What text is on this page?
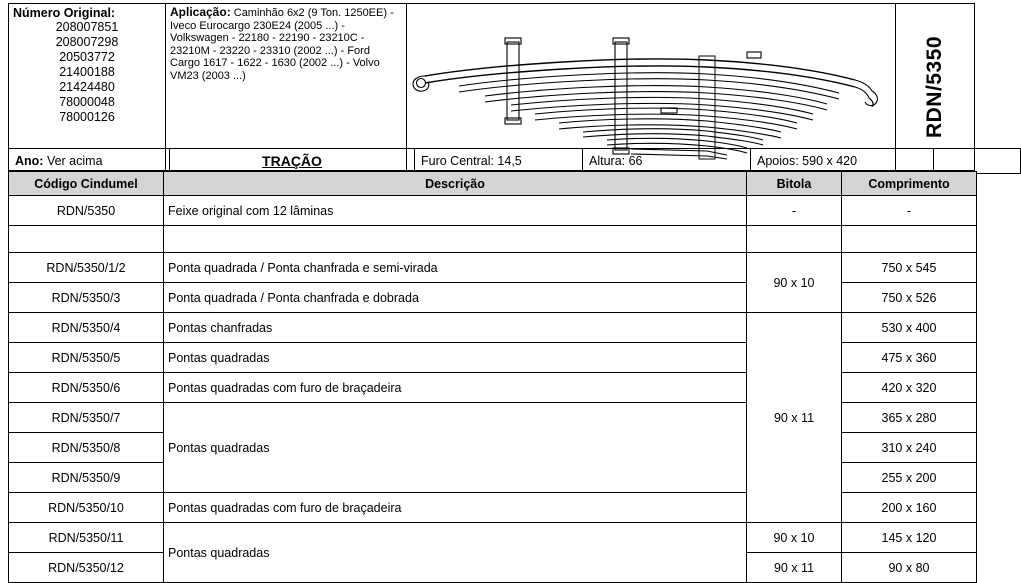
Número Original:
208007851
208007298
20503772
21400188
21424480
78000048
78000126

Aplicação: Caminhão 6x2 (9 Ton. 1250EE) - Iveco Eurocargo 230E24 (2005 ...) - Volkswagen - 22180 - 22190 - 23210C - 23210M - 23220 - 23310 (2002 ...) - Ford Cargo 1617 - 1622 - 1630 (2002 ...) - Volvo VM23 (2003 ...)		RDN/5350
Ano: Ver acima	TRAÇÃO	Furo Central: 14,5	Altura: 66	Apoios: 590 x 420	
Código Cindumel	Descrição	Bitola	Comprimento
RDN/5350	Feixe original com 12 lâminas	-	-

RDN/5350/1/2	Ponta quadrada / Ponta chanfrada e semi-virada	90 x 10	750 x 545
RDN/5350/3	Ponta quadrada / Ponta chanfrada e dobrada		750 x 526
RDN/5350/4	Pontas chanfradas	90 x 11	530 x 400
RDN/5350/5	Pontas quadradas		475 x 360
RDN/5350/6	Pontas quadradas com furo de braçadeira		420 x 320
RDN/5350/7	Pontas quadradas		365 x 280
RDN/5350/8			310 x 240
RDN/5350/9			255 x 200
RDN/5350/10	Pontas quadradas com furo de braçadeira		200 x 160
RDN/5350/11	Pontas quadradas	90 x 10	145 x 120
RDN/5350/12		90 x 11	90 x 80
